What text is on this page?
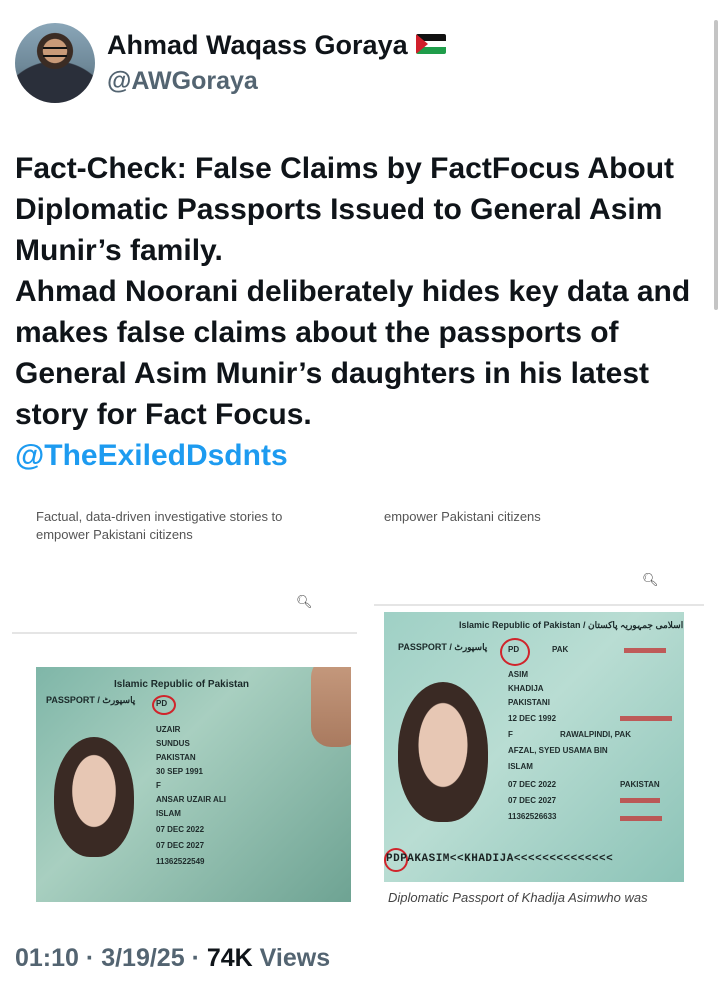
Ahmad Waqass Goraya
@AWGoraya

Fact-Check: False Claims by FactFocus About Diplomatic Passports Issued to General Asim Munir’s family.

Ahmad Noorani deliberately hides key data and makes false claims about the passports of General Asim Munir’s daughters in his latest story for Fact Focus.

@TheExiledDsdnts

Factual, data-driven investigative stories to empower Pakistani citizens
🔍︎
Islamic Republic of Pakistan
PASSPORT / پاسپورٹ	PD
UZAIR
SUNDUS
PAKISTAN
30 SEP 1991
F
ANSAR UZAIR ALI
ISLAM
07 DEC 2022
07 DEC 2027
11362522549
empower Pakistani citizens
🔍︎
Islamic Republic of Pakistan / اسلامی جمہوریہ پاکستان
PASSPORT / پاسپورٹ	PD	PAK
ASIM
KHADIJA
PAKISTANI
12 DEC 1992
F	RAWALPINDI, PAK
AFZAL, SYED USAMA BIN
ISLAM
07 DEC 2022	PAKISTAN
07 DEC 2027
11362526633
PDPAKASIM<<KHADIJA<<<<<<<<<<<<<<
Diplomatic Passport of Khadija Asimwho was
01:10 · 3/19/25 · 74K Views
